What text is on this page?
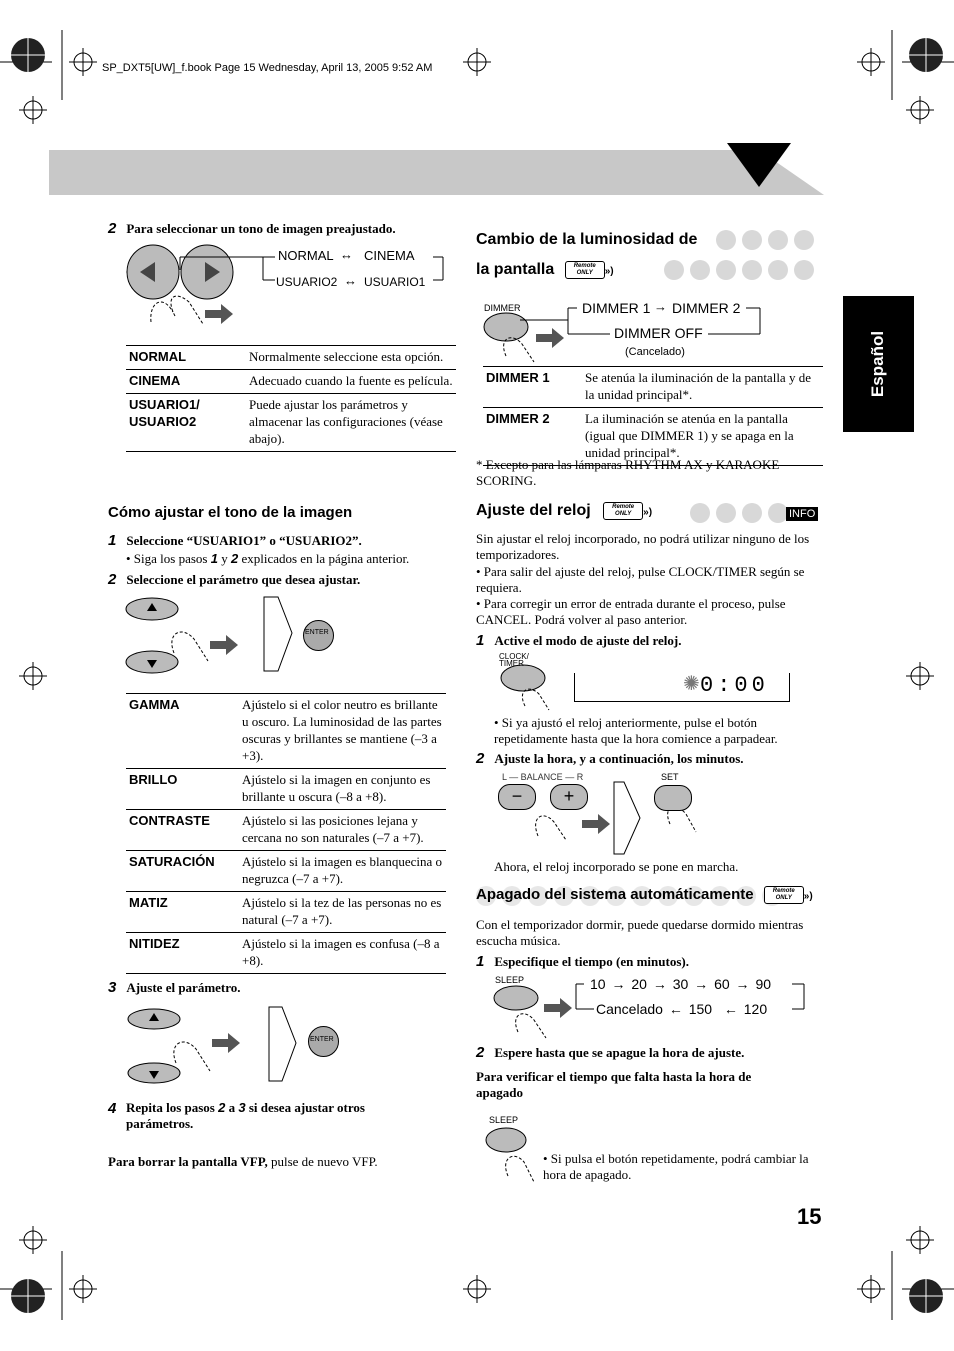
SP_DXT5[UW]_f.book Page 15 Wednesday, April 13, 2005 9:52 AM
Español
2 Para seleccionar un tono de imagen preajustado.
NORMAL ↔ CINEMA
USUARIO2 ↔ USUARIO1
NORMAL	Normalmente seleccione esta opción.
CINEMA	Adecuado cuando la fuente es película.
USUARIO1/
USUARIO2	Puede ajustar los parámetros y almacenar las configuraciones (véase abajo).
Cómo ajustar el tono de la imagen
1 Seleccione “USUARIO1” o “USUARIO2”.
• Siga los pasos 1 y 2 explicados en la página anterior.
2 Seleccione el parámetro que desea ajustar.
ENTER
GAMMA	Ajústelo si el color neutro es brillante u oscuro. La luminosidad de las partes oscuras y brillantes se mantiene (–3 a +3).
BRILLO	Ajústelo si la imagen en conjunto es brillante u oscura (–8 a +8).
CONTRASTE	Ajústelo si las posiciones lejana y cercana no son naturales (–7 a +7).
SATURACIÓN	Ajústelo si la imagen es blanquecina o negruzca (–7 a +7).
MATIZ	Ajústelo si la tez de las personas no es natural (–7 a +7).
NITIDEZ	Ajústelo si la imagen es confusa (–8 a +8).
3 Ajuste el parámetro.
ENTER
4 Repita los pasos 2 a 3 si desea ajustar otros parámetros.
Para borrar la pantalla VFP, pulse de nuevo VFP.
Cambio de la luminosidad de
la pantalla	Remote ONLY »)
DIMMER	DIMMER 1 → DIMMER 2
DIMMER OFF
(Cancelado)
DIMMER 1	Se atenúa la iluminación de la pantalla y de la unidad principal*.
DIMMER 2	La iluminación se atenúa en la pantalla (igual que DIMMER 1) y se apaga en la unidad principal*.
* Excepto para las lámparas RHYTHM AX y KARAOKE SCORING.
Ajuste del reloj	Remote ONLY »)	INFO
Sin ajustar el reloj incorporado, no podrá utilizar ninguno de los temporizadores.
• Para salir del ajuste del reloj, pulse CLOCK/TIMER según se requiera.
• Para corregir un error de entrada durante el proceso, pulse CANCEL. Podrá volver al paso anterior.
1 Active el modo de ajuste del reloj.
CLOCK/ TIMER
✺ 0:00
• Si ya ajustó el reloj anteriormente, pulse el botón repetidamente hasta que la hora comience a parpadear.
2 Ajuste la hora, y a continuación, los minutos.
L — BALANCE — R
−	+
SET
Ahora, el reloj incorporado se pone en marcha.
Apagado del sistema automáticamente	Remote ONLY »)
Con el temporizador dormir, puede quedarse dormido mientras escucha música.
1 Especifique el tiempo (en minutos).
SLEEP	10 → 20 → 30 → 60 → 90
Cancelado ← 150  ← 120
2 Espere hasta que se apague la hora de ajuste.
Para verificar el tiempo que falta hasta la hora de apagado
SLEEP
• Si pulsa el botón repetidamente, podrá cambiar la hora de apagado.
15
